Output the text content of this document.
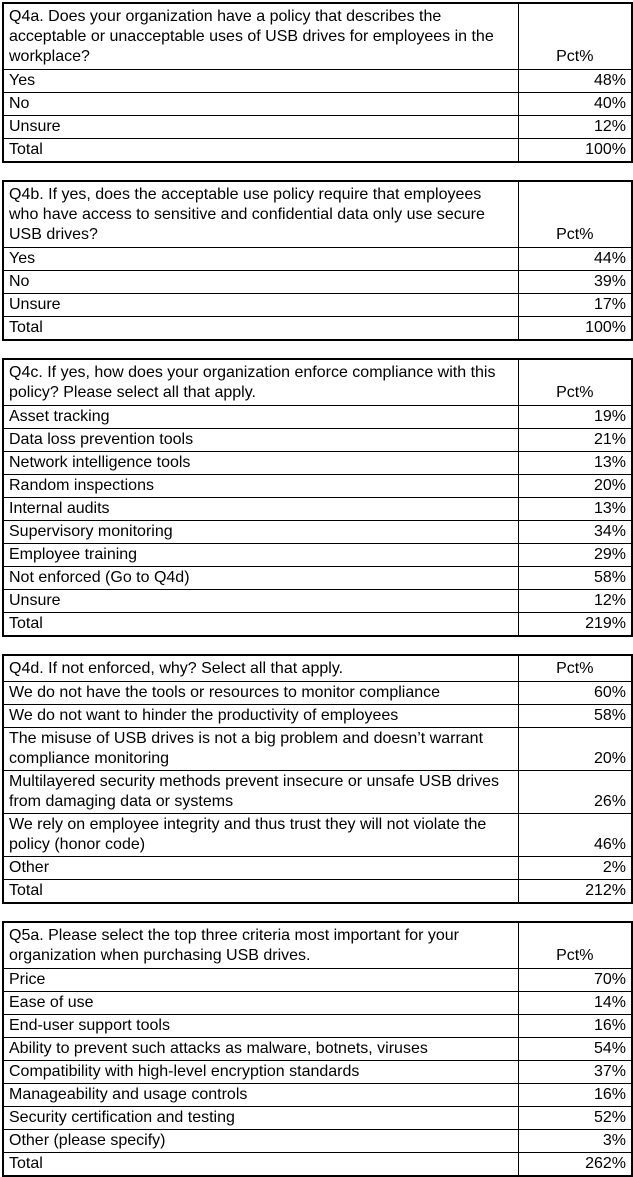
Q4a. Does your organization have a policy that describes the acceptable or unacceptable uses of USB drives for employees in the workplace?	Pct%
Yes	48%
No	40%
Unsure	12%
Total	100%
Q4b. If yes, does the acceptable use policy require that employees who have access to sensitive and confidential data only use secure USB drives?	Pct%
Yes	44%
No	39%
Unsure	17%
Total	100%
Q4c. If yes, how does your organization enforce compliance with this policy? Please select all that apply.	Pct%
Asset tracking	19%
Data loss prevention tools	21%
Network intelligence tools	13%
Random inspections	20%
Internal audits	13%
Supervisory monitoring	34%
Employee training	29%
Not enforced (Go to Q4d)	58%
Unsure	12%
Total	219%
Q4d. If not enforced, why? Select all that apply.	Pct%
We do not have the tools or resources to monitor compliance	60%
We do not want to hinder the productivity of employees	58%
The misuse of USB drives is not a big problem and doesn’t warrant compliance monitoring	20%
Multilayered security methods prevent insecure or unsafe USB drives from damaging data or systems	26%
We rely on employee integrity and thus trust they will not violate the policy (honor code)	46%
Other	2%
Total	212%
Q5a. Please select the top three criteria most important for your organization when purchasing USB drives.	Pct%
Price	70%
Ease of use	14%
End-user support tools	16%
Ability to prevent such attacks as malware, botnets, viruses	54%
Compatibility with high-level encryption standards	37%
Manageability and usage controls	16%
Security certification and testing	52%
Other (please specify)	3%
Total	262%
